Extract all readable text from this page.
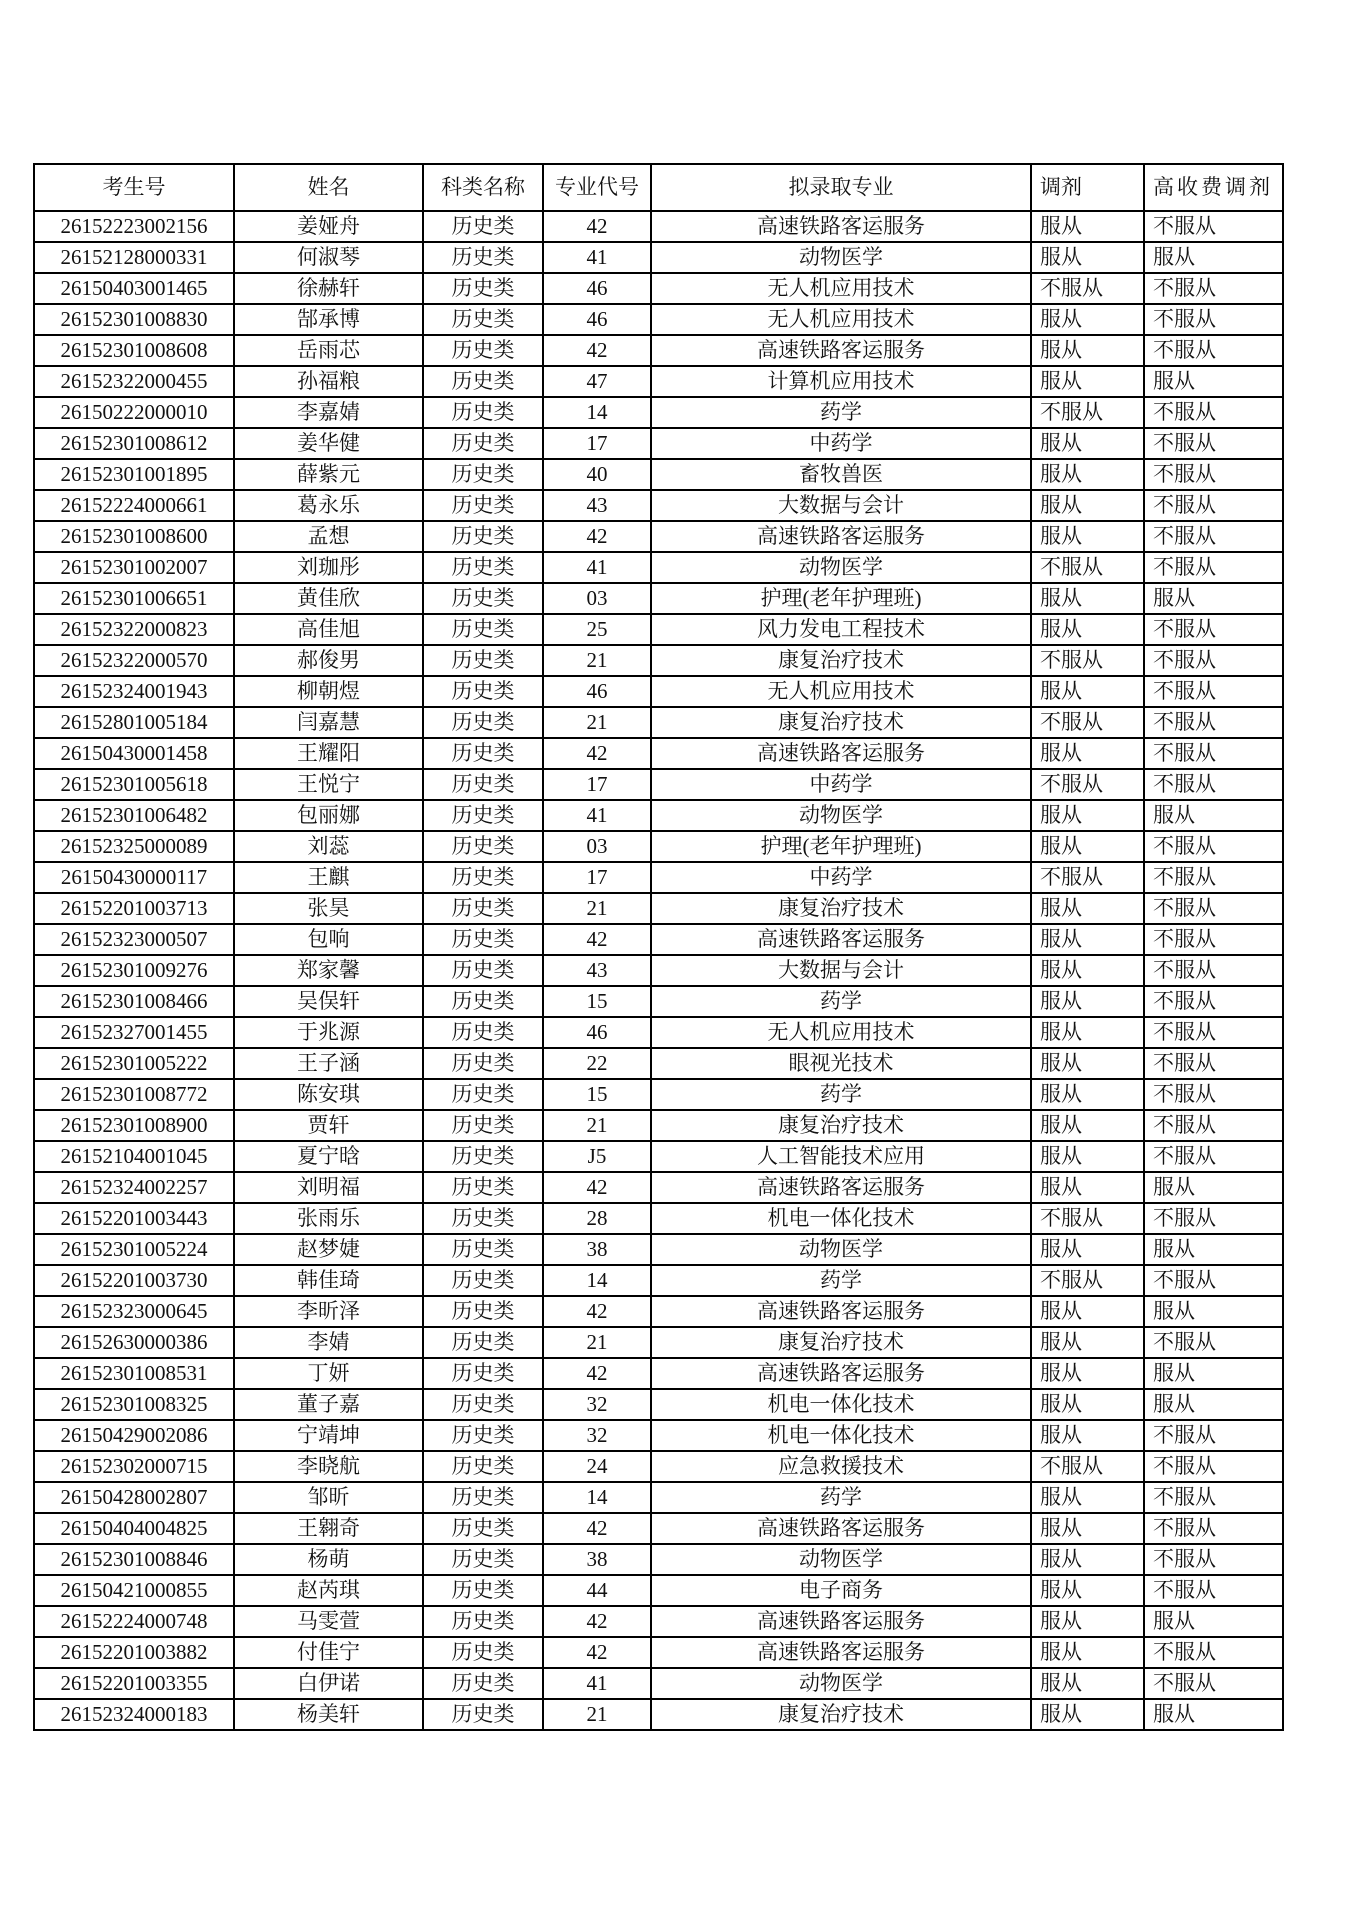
考生号	姓名	科类名称	专业代号	拟录取专业	调剂	高收费调剂
26152223002156	姜娅舟	历史类	42	高速铁路客运服务	服从	不服从
26152128000331	何淑琴	历史类	41	动物医学	服从	服从
26150403001465	徐赫轩	历史类	46	无人机应用技术	不服从	不服从
26152301008830	郜承博	历史类	46	无人机应用技术	服从	不服从
26152301008608	岳雨芯	历史类	42	高速铁路客运服务	服从	不服从
26152322000455	孙福粮	历史类	47	计算机应用技术	服从	服从
26150222000010	李嘉婧	历史类	14	药学	不服从	不服从
26152301008612	姜华健	历史类	17	中药学	服从	不服从
26152301001895	薛紫元	历史类	40	畜牧兽医	服从	不服从
26152224000661	葛永乐	历史类	43	大数据与会计	服从	不服从
26152301008600	孟想	历史类	42	高速铁路客运服务	服从	不服从
26152301002007	刘珈彤	历史类	41	动物医学	不服从	不服从
26152301006651	黄佳欣	历史类	03	护理(老年护理班)	服从	服从
26152322000823	高佳旭	历史类	25	风力发电工程技术	服从	不服从
26152322000570	郝俊男	历史类	21	康复治疗技术	不服从	不服从
26152324001943	柳朝煜	历史类	46	无人机应用技术	服从	不服从
26152801005184	闫嘉慧	历史类	21	康复治疗技术	不服从	不服从
26150430001458	王耀阳	历史类	42	高速铁路客运服务	服从	不服从
26152301005618	王悦宁	历史类	17	中药学	不服从	不服从
26152301006482	包丽娜	历史类	41	动物医学	服从	服从
26152325000089	刘蕊	历史类	03	护理(老年护理班)	服从	不服从
26150430000117	王麒	历史类	17	中药学	不服从	不服从
26152201003713	张昊	历史类	21	康复治疗技术	服从	不服从
26152323000507	包响	历史类	42	高速铁路客运服务	服从	不服从
26152301009276	郑家馨	历史类	43	大数据与会计	服从	不服从
26152301008466	吴俣轩	历史类	15	药学	服从	不服从
26152327001455	于兆源	历史类	46	无人机应用技术	服从	不服从
26152301005222	王子涵	历史类	22	眼视光技术	服从	不服从
26152301008772	陈安琪	历史类	15	药学	服从	不服从
26152301008900	贾轩	历史类	21	康复治疗技术	服从	不服从
26152104001045	夏宁晗	历史类	J5	人工智能技术应用	服从	不服从
26152324002257	刘明福	历史类	42	高速铁路客运服务	服从	服从
26152201003443	张雨乐	历史类	28	机电一体化技术	不服从	不服从
26152301005224	赵梦婕	历史类	38	动物医学	服从	服从
26152201003730	韩佳琦	历史类	14	药学	不服从	不服从
26152323000645	李昕泽	历史类	42	高速铁路客运服务	服从	服从
26152630000386	李婧	历史类	21	康复治疗技术	服从	不服从
26152301008531	丁妍	历史类	42	高速铁路客运服务	服从	服从
26152301008325	董子嘉	历史类	32	机电一体化技术	服从	服从
26150429002086	宁靖坤	历史类	32	机电一体化技术	服从	不服从
26152302000715	李晓航	历史类	24	应急救援技术	不服从	不服从
26150428002807	邹昕	历史类	14	药学	服从	不服从
26150404004825	王翱奇	历史类	42	高速铁路客运服务	服从	不服从
26152301008846	杨萌	历史类	38	动物医学	服从	不服从
26150421000855	赵芮琪	历史类	44	电子商务	服从	不服从
26152224000748	马雯萱	历史类	42	高速铁路客运服务	服从	服从
26152201003882	付佳宁	历史类	42	高速铁路客运服务	服从	不服从
26152201003355	白伊诺	历史类	41	动物医学	服从	不服从
26152324000183	杨美轩	历史类	21	康复治疗技术	服从	服从
